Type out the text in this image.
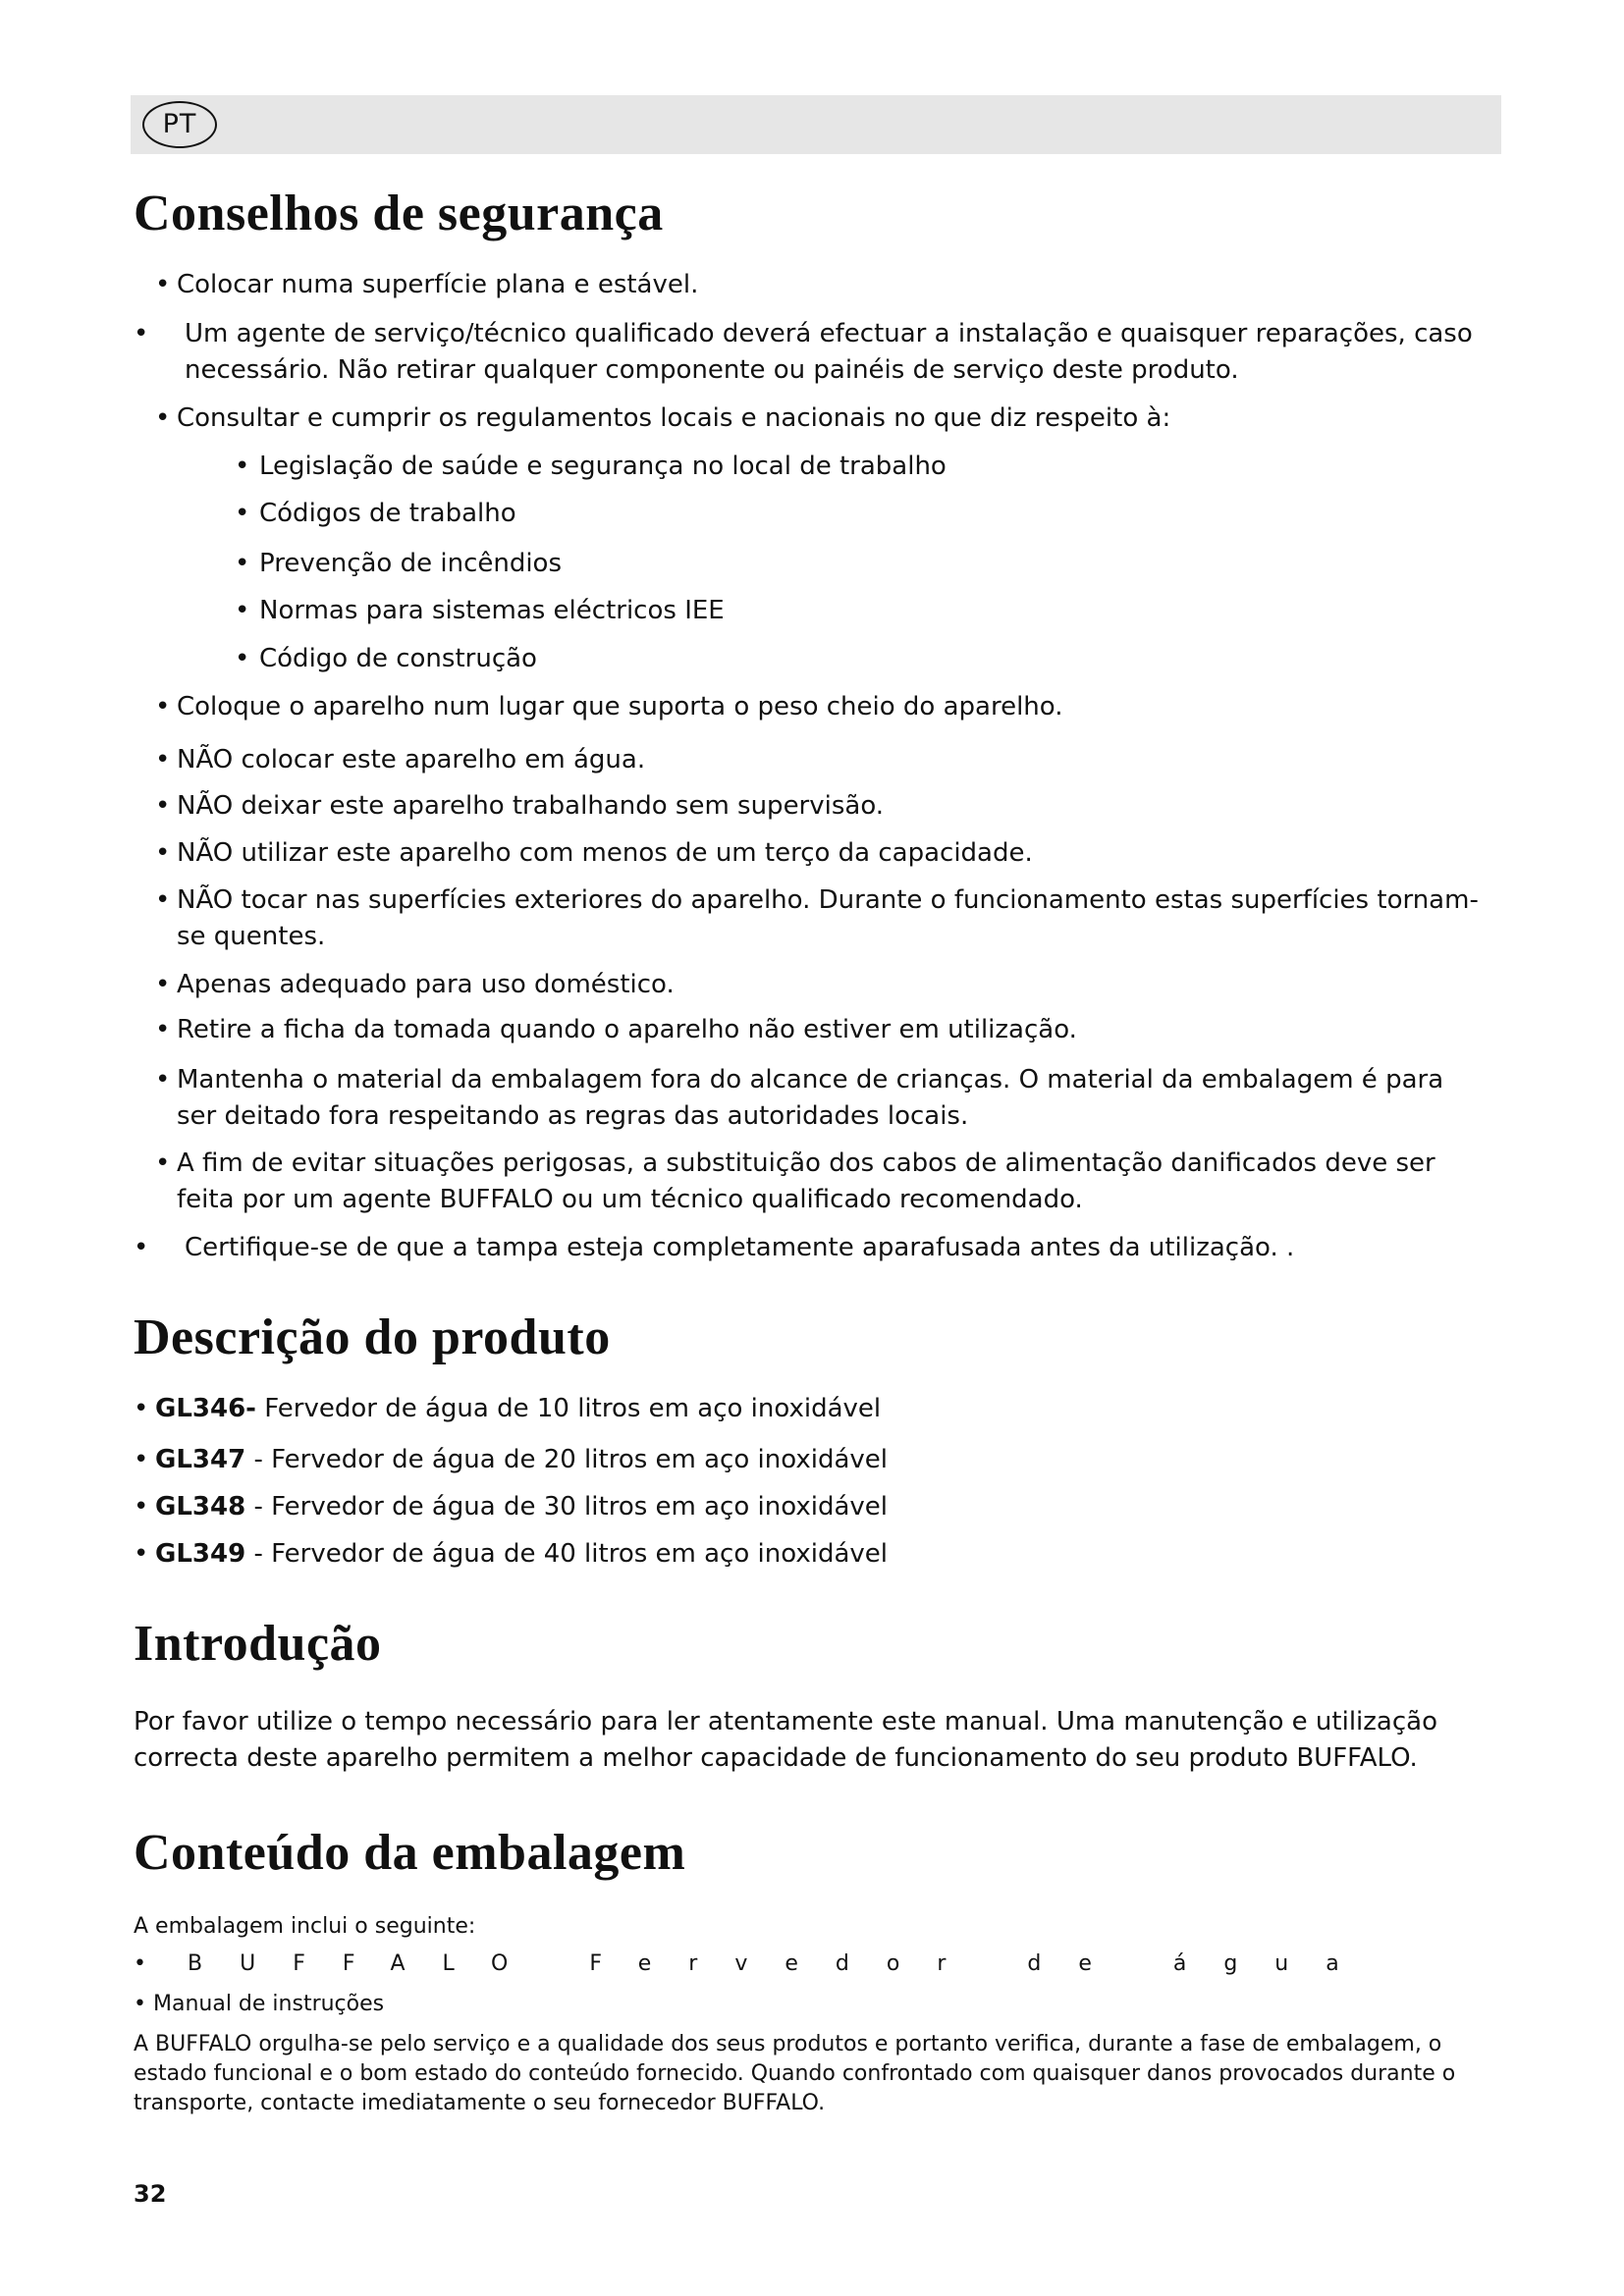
PT
Conselhos de segurança
• Colocar numa superfície plana e estável.
•	Um agente de serviço/técnico qualificado deverá efectuar a instalação e quaisquer reparações, caso necessário. Não retirar qualquer componente ou painéis de serviço deste produto.
• Consultar e cumprir os regulamentos locais e nacionais no que diz respeito à:
• Legislação de saúde e segurança no local de trabalho
• Códigos de trabalho
• Prevenção de incêndios
• Normas para sistemas eléctricos IEE
• Código de construção
• Coloque o aparelho num lugar que suporta o peso cheio do aparelho.
• NÃO colocar este aparelho em água.
• NÃO deixar este aparelho trabalhando sem supervisão.
• NÃO utilizar este aparelho com menos de um terço da capacidade.
• NÃO tocar nas superfícies exteriores do aparelho. Durante o funcionamento estas superfícies tornam-se quentes.
• Apenas adequado para uso doméstico.
• Retire a ficha da tomada quando o aparelho não estiver em utilização.
• Mantenha o material da embalagem fora do alcance de crianças. O material da embalagem é para ser deitado fora respeitando as regras das autoridades locais.
• A fim de evitar situações perigosas, a substituição dos cabos de alimentação danificados deve ser feita por um agente BUFFALO ou um técnico qualificado recomendado.
•	Certifique-se de que a tampa esteja completamente aparafusada antes da utilização. .
Descrição do produto
• GL346- Fervedor de água de 10 litros em aço inoxidável
• GL347 - Fervedor de água de 20 litros em aço inoxidável
• GL348 - Fervedor de água de 30 litros em aço inoxidável
• GL349 - Fervedor de água de 40 litros em aço inoxidável
Introdução
Por favor utilize o tempo necessário para ler atentamente este manual. Uma manutenção e utilização correcta deste aparelho permitem a melhor capacidade de funcionamento do seu produto BUFFALO.
Conteúdo da embalagem
A embalagem inclui o seguinte:
•	BUFFALO Fervedor de água
• Manual de instruções
A BUFFALO orgulha-se pelo serviço e a qualidade dos seus produtos e portanto verifica, durante a fase de embalagem, o estado funcional e o bom estado do conteúdo fornecido. Quando confrontado com quaisquer danos provocados durante o transporte, contacte imediatamente o seu fornecedor BUFFALO.
32
